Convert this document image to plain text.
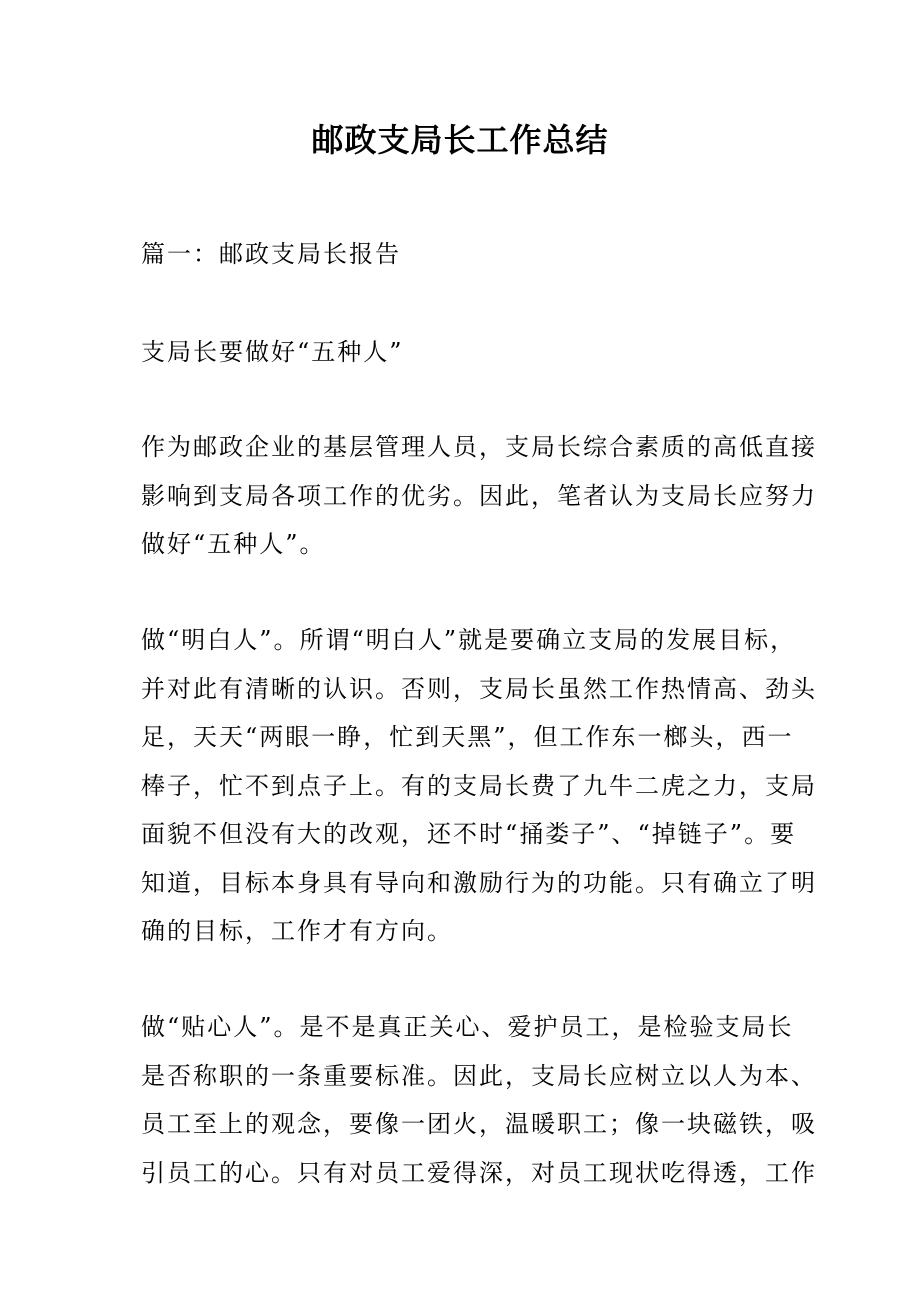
邮政支局长工作总结

篇一：邮政支局长报告

支局长要做好“五种人”

作为邮政企业的基层管理人员，支局长综合素质的高低直接
影响到支局各项工作的优劣。因此，笔者认为支局长应努力
做好“五种人”。

做“明白人”。所谓“明白人”就是要确立支局的发展目标，
并对此有清晰的认识。否则，支局长虽然工作热情高、劲头
足，天天“两眼一睁，忙到天黑”，但工作东一榔头，西一
棒子，忙不到点子上。有的支局长费了九牛二虎之力，支局
面貌不但没有大的改观，还不时“捅娄子”、“掉链子”。要
知道，目标本身具有导向和激励行为的功能。只有确立了明
确的目标，工作才有方向。

做“贴心人”。是不是真正关心、爱护员工，是检验支局长
是否称职的一条重要标准。因此，支局长应树立以人为本、
员工至上的观念，要像一团火，温暖职工；像一块磁铁，吸
引员工的心。只有对员工爱得深，对员工现状吃得透，工作
